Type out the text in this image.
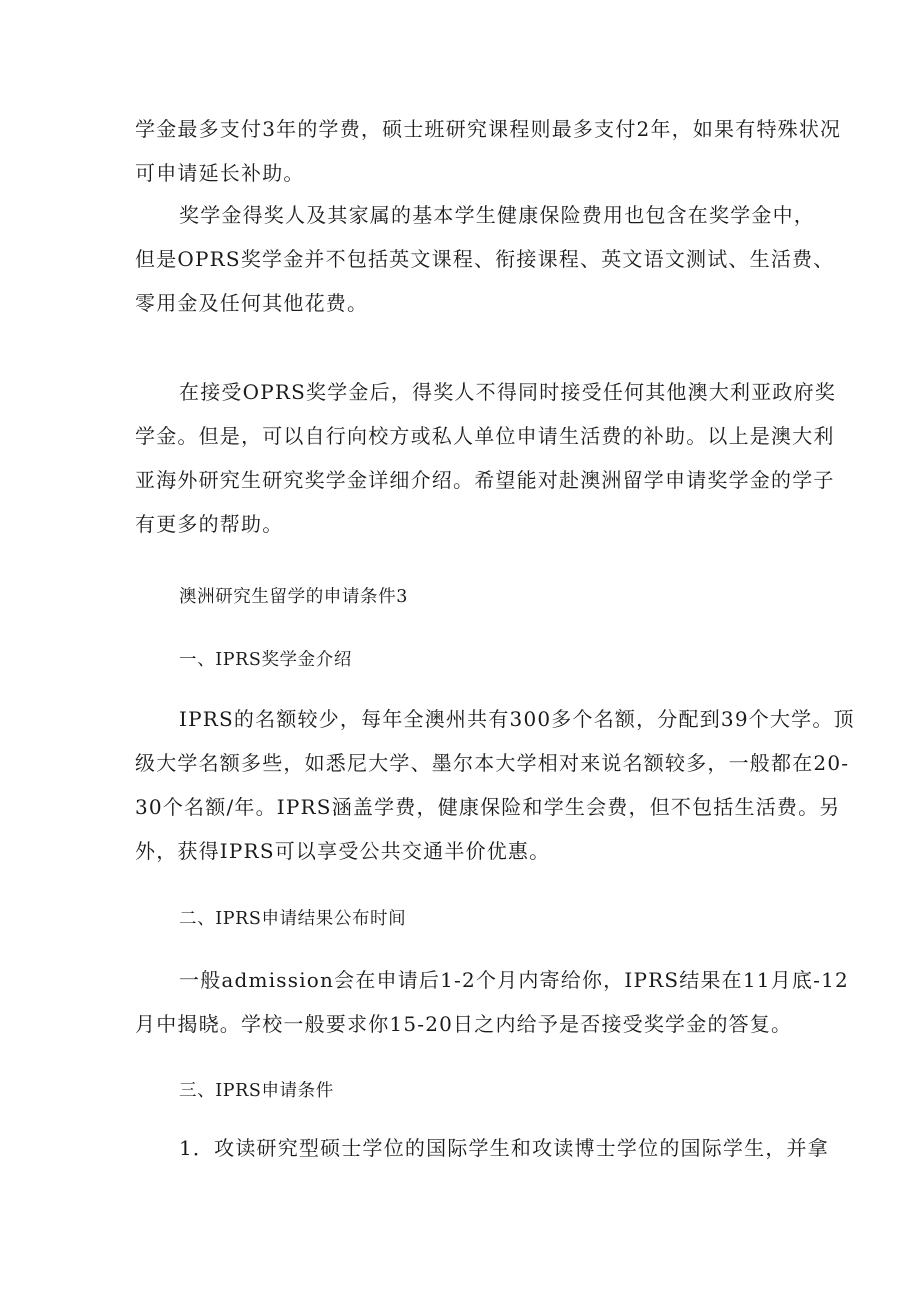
学金最多支付3年的学费，硕士班研究课程则最多支付2年，如果有特殊状况
可申请延长补助。
奖学金得奖人及其家属的基本学生健康保险费用也包含在奖学金中，
但是OPRS奖学金并不包括英文课程、衔接课程、英文语文测试、生活费、
零用金及任何其他花费。
在接受OPRS奖学金后，得奖人不得同时接受任何其他澳大利亚政府奖
学金。但是，可以自行向校方或私人单位申请生活费的补助。以上是澳大利
亚海外研究生研究奖学金详细介绍。希望能对赴澳洲留学申请奖学金的学子
有更多的帮助。
澳洲研究生留学的申请条件3
一、IPRS奖学金介绍
IPRS的名额较少，每年全澳州共有300多个名额，分配到39个大学。顶
级大学名额多些，如悉尼大学、墨尔本大学相对来说名额较多，一般都在20-
30个名额/年。IPRS涵盖学费，健康保险和学生会费，但不包括生活费。另
外，获得IPRS可以享受公共交通半价优惠。
二、IPRS申请结果公布时间
一般admission会在申请后1-2个月内寄给你，IPRS结果在11月底-12
月中揭晓。学校一般要求你15-20日之内给予是否接受奖学金的答复。
三、IPRS申请条件
1．攻读研究型硕士学位的国际学生和攻读博士学位的国际学生，并拿
